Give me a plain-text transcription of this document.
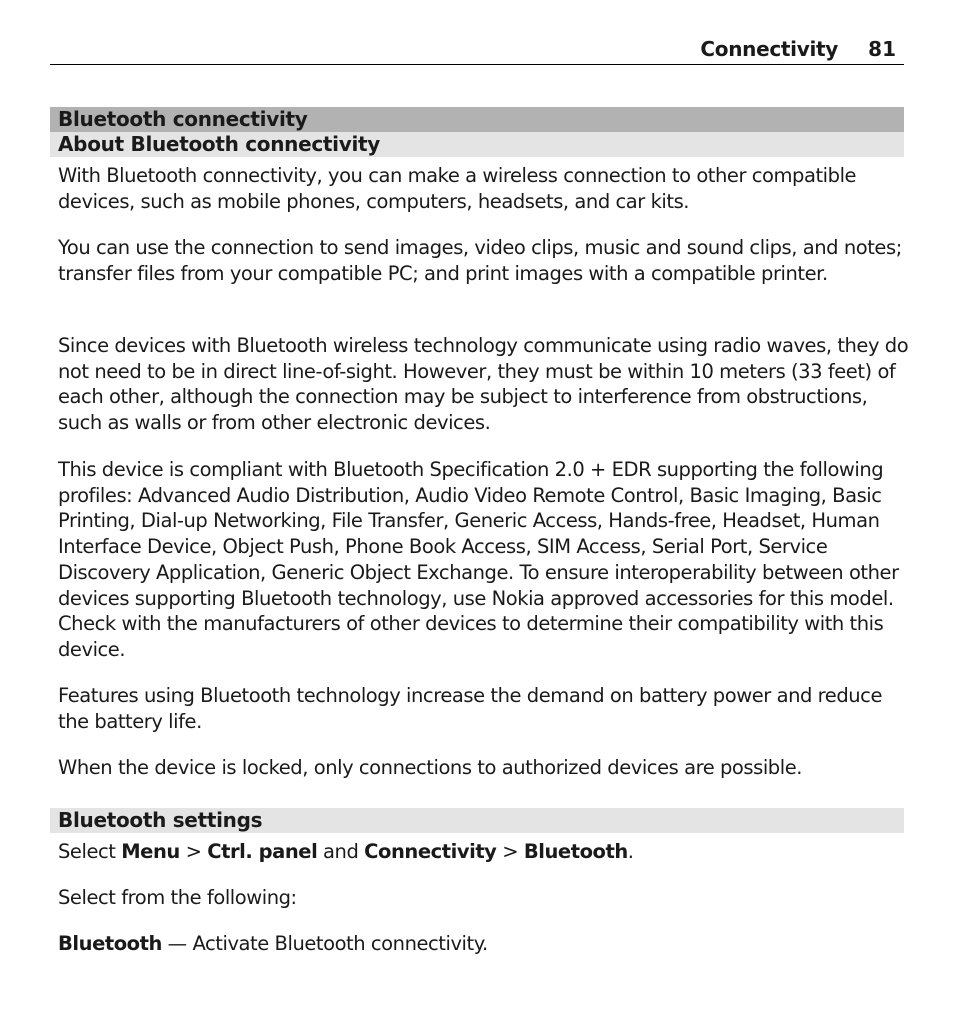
Connectivity 81
Bluetooth connectivity
About Bluetooth connectivity

With Bluetooth connectivity, you can make a wireless connection to other compatible devices, such as mobile phones, computers, headsets, and car kits.

You can use the connection to send images, video clips, music and sound clips, and notes; transfer files from your compatible PC; and print images with a compatible printer.

Since devices with Bluetooth wireless technology communicate using radio waves, they do not need to be in direct line-of-sight. However, they must be within 10 meters (33 feet) of each other, although the connection may be subject to interference from obstructions, such as walls or from other electronic devices.

This device is compliant with Bluetooth Specification 2.0 + EDR supporting the following profiles: Advanced Audio Distribution, Audio Video Remote Control, Basic Imaging, Basic Printing, Dial-up Networking, File Transfer, Generic Access, Hands-free, Headset, Human Interface Device, Object Push, Phone Book Access, SIM Access, Serial Port, Service Discovery Application, Generic Object Exchange. To ensure interoperability between other devices supporting Bluetooth technology, use Nokia approved accessories for this model. Check with the manufacturers of other devices to determine their compatibility with this device.

Features using Bluetooth technology increase the demand on battery power and reduce the battery life.

When the device is locked, only connections to authorized devices are possible.

Bluetooth settings

Select Menu > Ctrl. panel and Connectivity > Bluetooth.

Select from the following:

Bluetooth — Activate Bluetooth connectivity.
